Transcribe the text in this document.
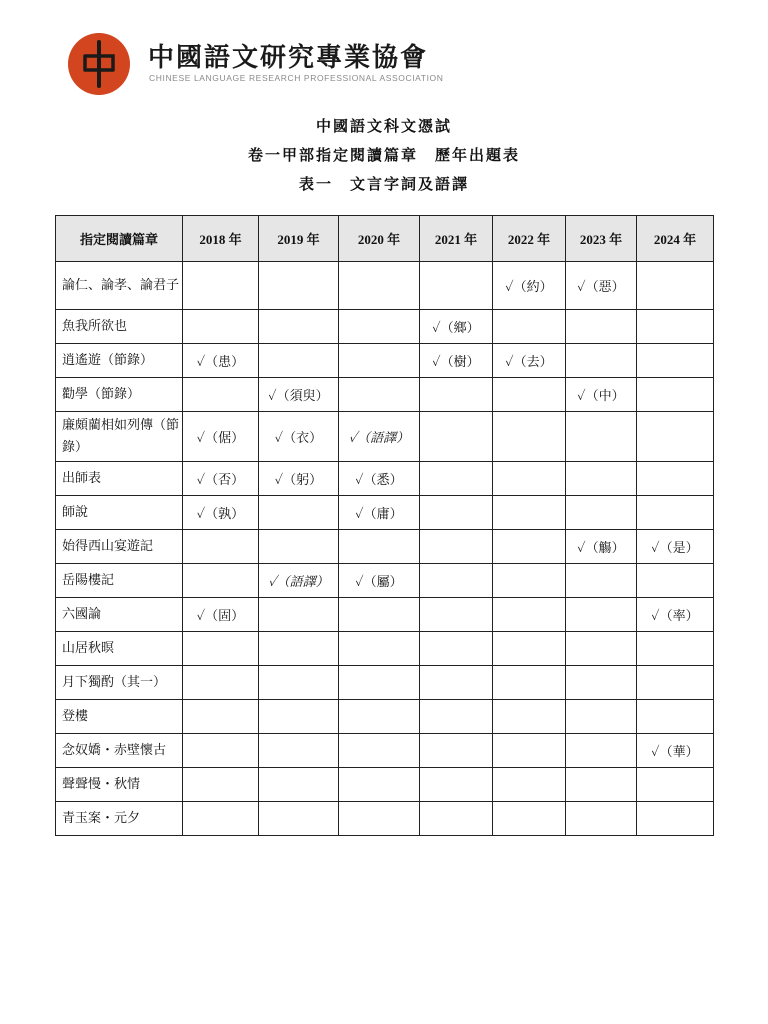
中國語文研究專業協會
CHINESE LANGUAGE RESEARCH PROFESSIONAL ASSOCIATION
中國語文科文憑試
卷一甲部指定閱讀篇章　歷年出題表
表一　文言字詞及語譯
指定閱讀篇章	2018 年	2019 年	2020 年	2021 年	2022 年	2023 年	2024 年
論仁、論孝、論君子					✓（約）	✓（惡）	
魚我所欲也				✓（鄉）			
逍遙遊（節錄）	✓（患）			✓（樹）	✓（去）		
勸學（節錄）		✓（須臾）				✓（中）	
廉頗藺相如列傳（節錄）	✓（倨）	✓（衣）	✓（語譯）				
出師表	✓（否）	✓（躬）	✓（悉）				
師說	✓（孰）		✓（庸）				
始得西山宴遊記						✓（觴）	✓（是）
岳陽樓記		✓（語譯）	✓（屬）				
六國論	✓（固）						✓（率）
山居秋暝							
月下獨酌（其一）							
登樓							
念奴嬌・赤壁懷古							✓（華）
聲聲慢・秋情							
青玉案・元夕							
